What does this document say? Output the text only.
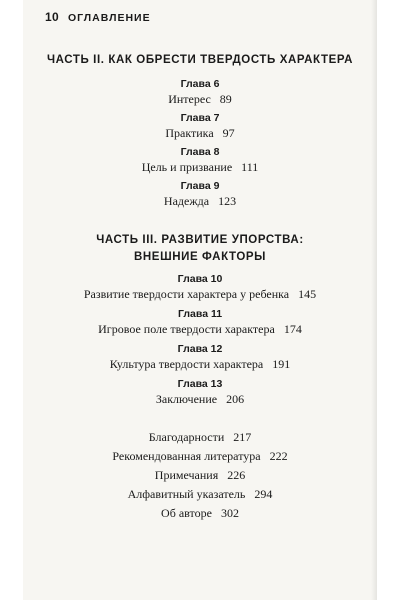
10 ОГЛАВЛЕНИЕ
ЧАСТЬ II. КАК ОБРЕСТИ ТВЕРДОСТЬ ХАРАКТЕРА
Глава 6
Интерес 89
Глава 7
Практика 97
Глава 8
Цель и призвание 111
Глава 9
Надежда 123
ЧАСТЬ III. РАЗВИТИЕ УПОРСТВА:
ВНЕШНИЕ ФАКТОРЫ
Глава 10
Развитие твердости характера у ребенка 145
Глава 11
Игровое поле твердости характера 174
Глава 12
Культура твердости характера 191
Глава 13
Заключение 206
Благодарности 217
Рекомендованная литература 222
Примечания 226
Алфавитный указатель 294
Об авторе 302
